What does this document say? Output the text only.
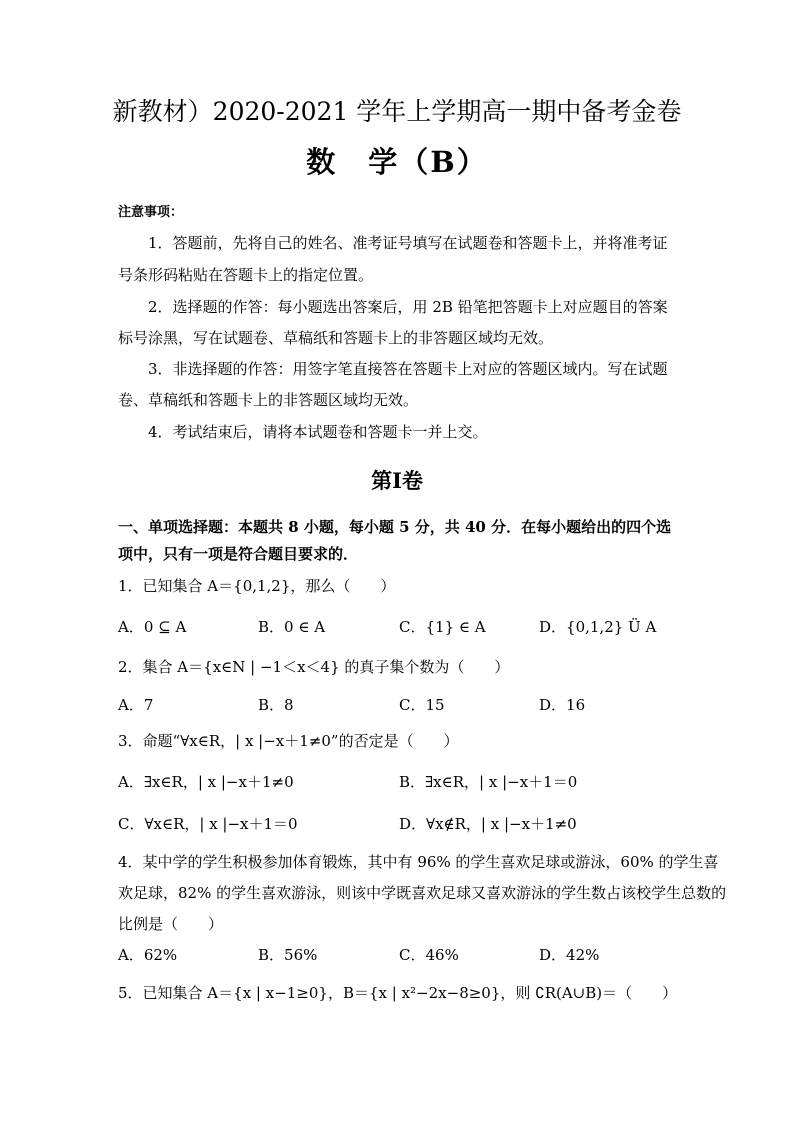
新教材）2020-2021 学年上学期高一期中备考金卷
数　学（B）
注意事项：
1．答题前，先将自己的姓名、准考证号填写在试题卷和答题卡上，并将准考证
号条形码粘贴在答题卡上的指定位置。
2．选择题的作答：每小题选出答案后，用 2B 铅笔把答题卡上对应题目的答案
标号涂黑，写在试题卷、草稿纸和答题卡上的非答题区域均无效。
3．非选择题的作答：用签字笔直接答在答题卡上对应的答题区域内。写在试题
卷、草稿纸和答题卡上的非答题区域均无效。
4．考试结束后，请将本试题卷和答题卡一并上交。
第Ⅰ卷
一、单项选择题：本题共 8 小题，每小题 5 分，共 40 分．在每小题给出的四个选
项中，只有一项是符合题目要求的．
1．已知集合 A＝{0,1,2}，那么（　　）
A．0 ⊆ A	B．0 ∈ A	C．{1} ∈ A	D．{0,1,2} Ü A
2．集合 A＝{x∈N | −1＜x＜4} 的真子集个数为（　　）
A．7	B．8	C．15	D．16
3．命题“∀x∈R，| x |−x＋1≠0”的否定是（　　）
A．∃x∈R，| x |−x＋1≠0	B．∃x∈R，| x |−x＋1＝0
C．∀x∈R，| x |−x＋1＝0	D．∀x∉R，| x |−x＋1≠0
4．某中学的学生积极参加体育锻炼，其中有 96% 的学生喜欢足球或游泳，60% 的学生喜
欢足球，82% 的学生喜欢游泳，则该中学既喜欢足球又喜欢游泳的学生数占该校学生总数的
比例是（　　）
A．62%	B．56%	C．46%	D．42%
5．已知集合 A＝{x | x−1≥0}，B＝{x | x²−2x−8≥0}，则 ∁R(A∪B)＝（　　）
